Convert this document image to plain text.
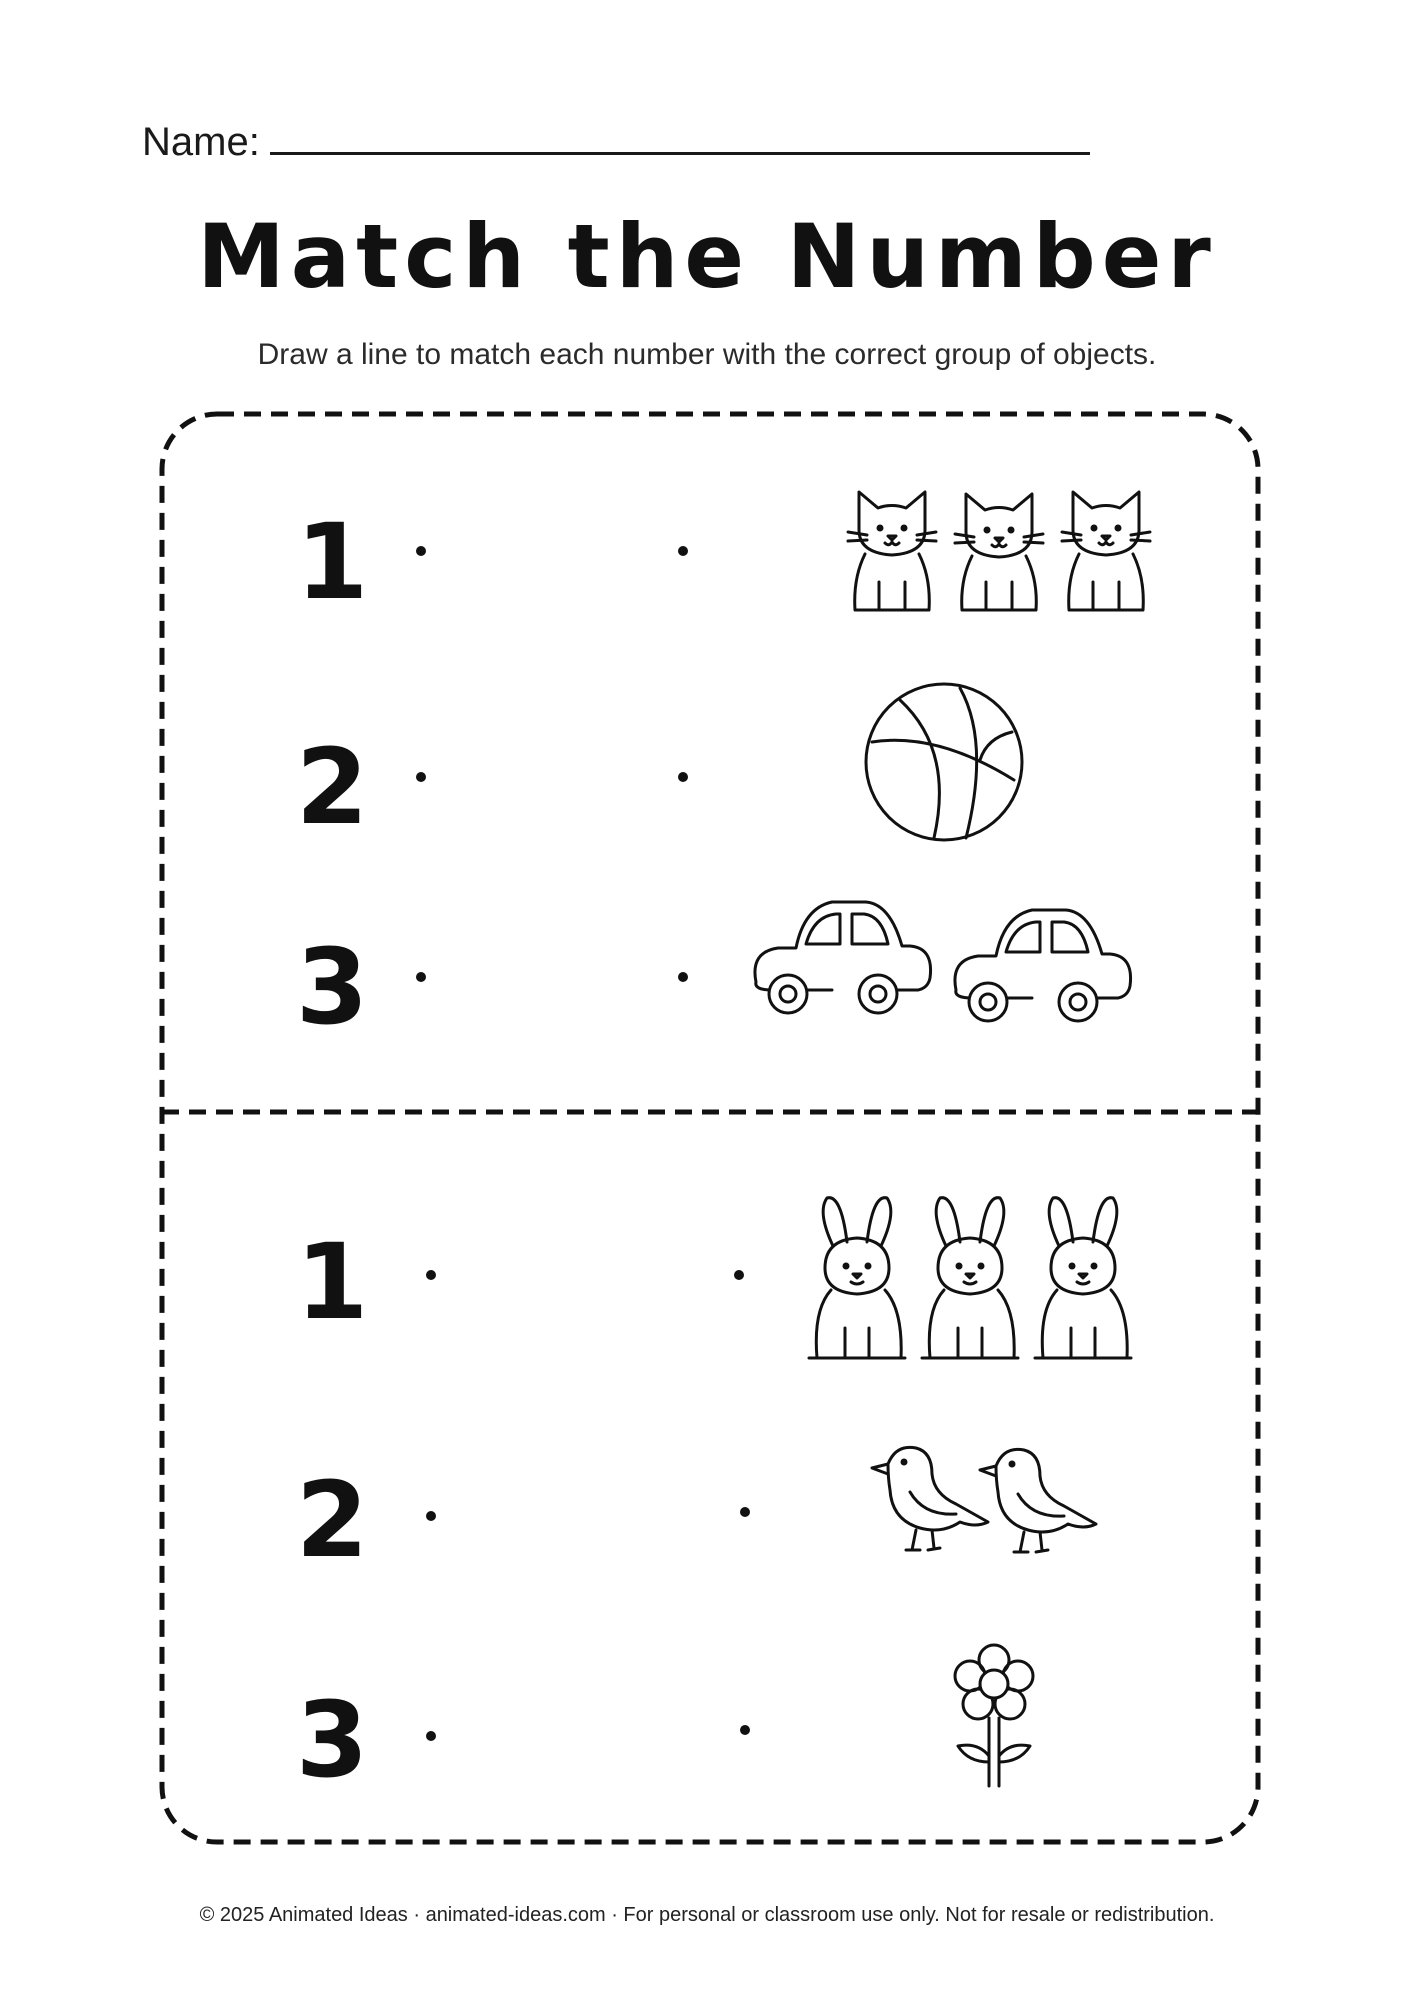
Name:
Match the Number
Draw a line to match each number with the correct group of objects.
1
2
3
1
2
3
© 2025 Animated Ideas · animated-ideas.com · For personal or classroom use only. Not for resale or redistribution.
